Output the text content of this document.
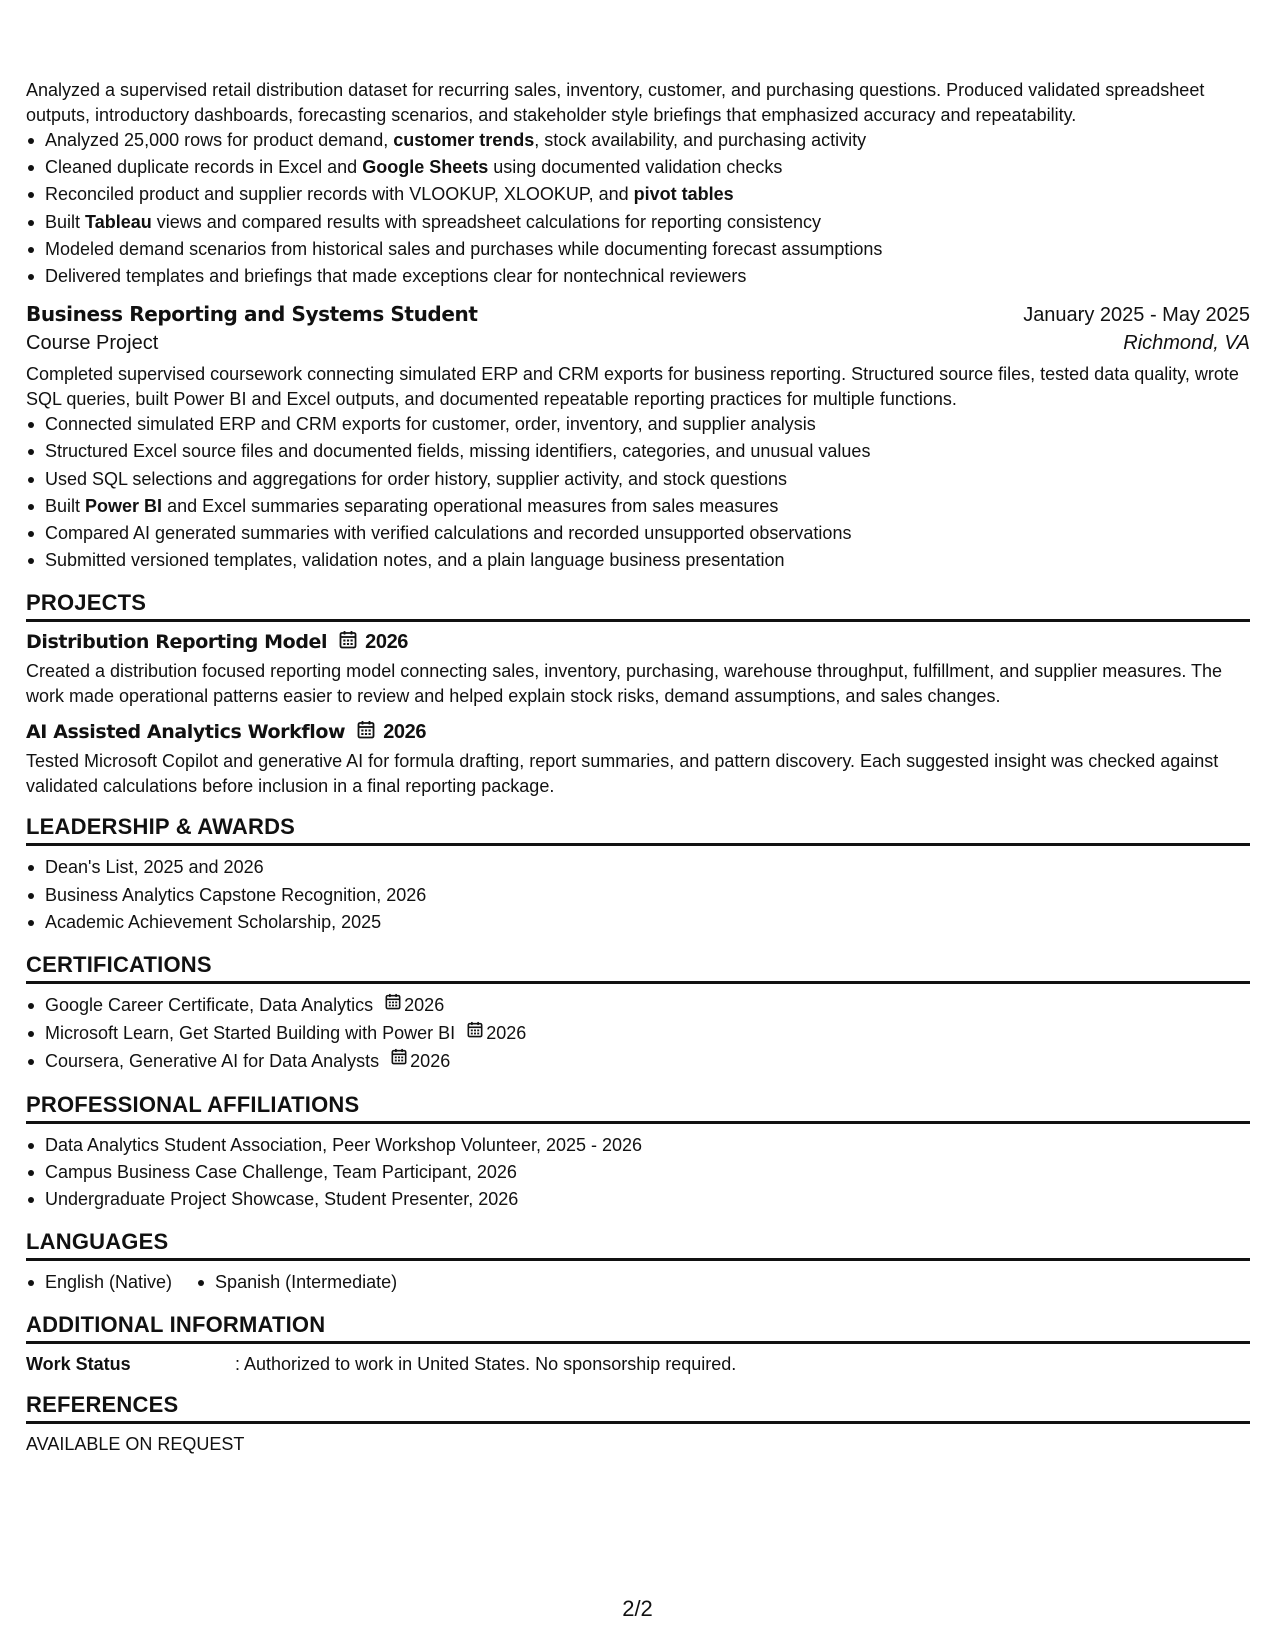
Analyzed a supervised retail distribution dataset for recurring sales, inventory, customer, and purchasing questions. Produced validated spreadsheet outputs, introductory dashboards, forecasting scenarios, and stakeholder style briefings that emphasized accuracy and repeatability.

Analyzed 25,000 rows for product demand, customer trends, stock availability, and purchasing activity
Cleaned duplicate records in Excel and Google Sheets using documented validation checks
Reconciled product and supplier records with VLOOKUP, XLOOKUP, and pivot tables
Built Tableau views and compared results with spreadsheet calculations for reporting consistency
Modeled demand scenarios from historical sales and purchases while documenting forecast assumptions
Delivered templates and briefings that made exceptions clear for nontechnical reviewers
Business Reporting and Systems Student	January 2025 - May 2025
Course Project	Richmond, VA

Completed supervised coursework connecting simulated ERP and CRM exports for business reporting. Structured source files, tested data quality, wrote SQL queries, built Power BI and Excel outputs, and documented repeatable reporting practices for multiple functions.

Connected simulated ERP and CRM exports for customer, order, inventory, and supplier analysis
Structured Excel source files and documented fields, missing identifiers, categories, and unusual values
Used SQL selections and aggregations for order history, supplier activity, and stock questions
Built Power BI and Excel summaries separating operational measures from sales measures
Compared AI generated summaries with verified calculations and recorded unsupported observations
Submitted versioned templates, validation notes, and a plain language business presentation
PROJECTS
Distribution Reporting Model 2026

Created a distribution focused reporting model connecting sales, inventory, purchasing, warehouse throughput, fulfillment, and supplier measures. The work made operational patterns easier to review and helped explain stock risks, demand assumptions, and sales changes.

AI Assisted Analytics Workflow 2026

Tested Microsoft Copilot and generative AI for formula drafting, report summaries, and pattern discovery. Each suggested insight was checked against validated calculations before inclusion in a final reporting package.

LEADERSHIP & AWARDS
Dean's List, 2025 and 2026
Business Analytics Capstone Recognition, 2026
Academic Achievement Scholarship, 2025
CERTIFICATIONS
Google Career Certificate, Data Analytics 2026
Microsoft Learn, Get Started Building with Power BI 2026
Coursera, Generative AI for Data Analysts 2026
PROFESSIONAL AFFILIATIONS
Data Analytics Student Association, Peer Workshop Volunteer, 2025 - 2026
Campus Business Case Challenge, Team Participant, 2026
Undergraduate Project Showcase, Student Presenter, 2026
LANGUAGES
English (Native)	Spanish (Intermediate)
ADDITIONAL INFORMATION
Work Status	: Authorized to work in United States. No sponsorship required.
REFERENCES
AVAILABLE ON REQUEST
2/2
